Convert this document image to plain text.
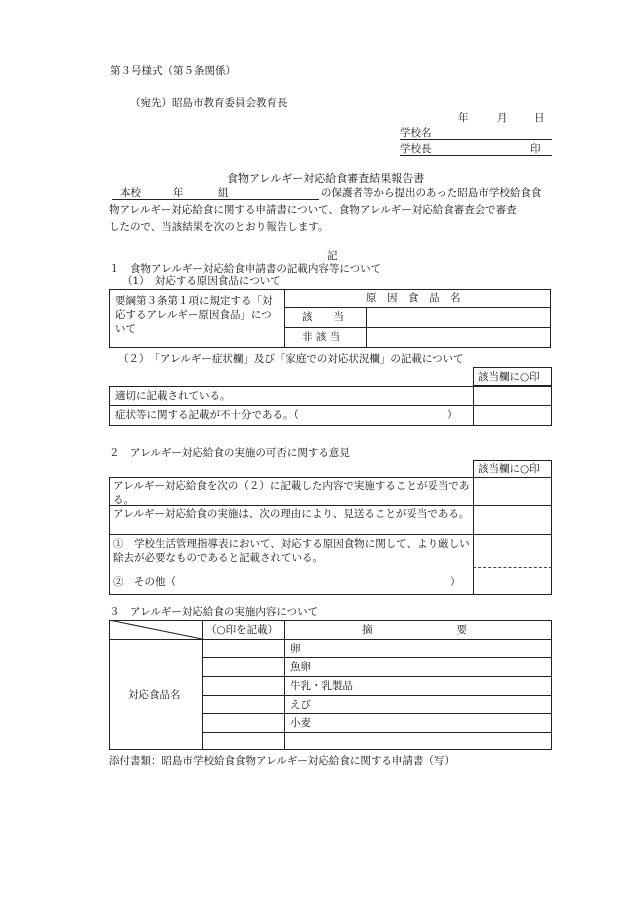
第３号様式（第５条関係）
（宛先）昭島市教育委員会教育長
年	月	日
学校名
学校長	印
食物アレルギー対応給食審査結果報告書
本校	年	組	の保護者等から提出のあった昭島市学校給食食
物アレルギー対応給食に関する申請書について、食物アレルギー対応給食審査会で審査
したので、当該結果を次のとおり報告します。
記
１　食物アレルギー対応給食申請書の記載内容等について
（1）　対応する原因食品について
要綱第３条第１項に規定する「対応するアレルギー原因食品」について
原　因　食　品　名
該　　当
非 該 当
（２）　「アレルギー症状欄」及び「家庭での対応状況欄」の記載について
該当欄に○印
適切に記載されている。
症状等に関する記載が不十分である。（	）
２　アレルギー対応給食の実施の可否に関する意見
該当欄に○印
アレルギー対応給食を次の（２）に記載した内容で実施することが妥当である。
アレルギー対応給食の実施は、次の理由により、見送ることが妥当である。
①　学校生活管理指導表において、対応する原因食物に関して、より厳しい除去が必要なものであると記載されている。
②　その他（	）
３　アレルギー対応給食の実施内容について
（○印を記載）	摘　　　　　　　　要
対応食品名
卵
魚卵
牛乳・乳製品
えび
小麦
添付書類：昭島市学校給食食物アレルギー対応給食に関する申請書（写）
